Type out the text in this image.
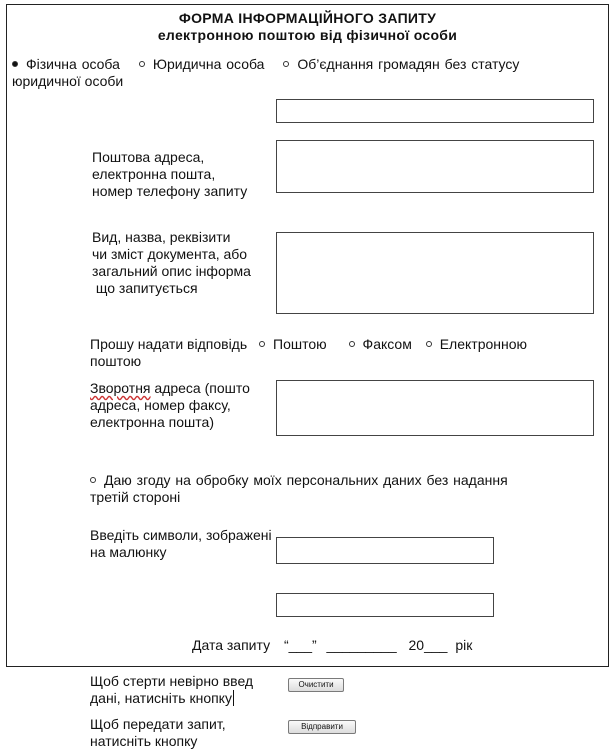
ФОРМА ІНФОРМАЦІЙНОГО ЗАПИТУ
електронною поштою від фізичної особи
Фізична особа Юридична особа Об’єднання громадян без статусу
юридичної особи
Поштова адреса,
електронна пошта,
номер телефону запиту
Вид, назва, реквізити
чи зміст документа, або
загальний опис інформа
що запитується
Прошу надати відповідь Поштою	Факсом Електронною
поштою
Зворотня адреса (пошто
адреса, номер факсу,
електронна пошта)
Даю згоду на обробку моїх персональних даних без надання
третій стороні
Введіть символи, зображені
на малюнку
Дата запиту “___” _________ 20___ рік
Щоб стерти невірно введ
дані, натисніть кнопку
Очистити
Щоб передати запит,
натисніть кнопку
Відправити
